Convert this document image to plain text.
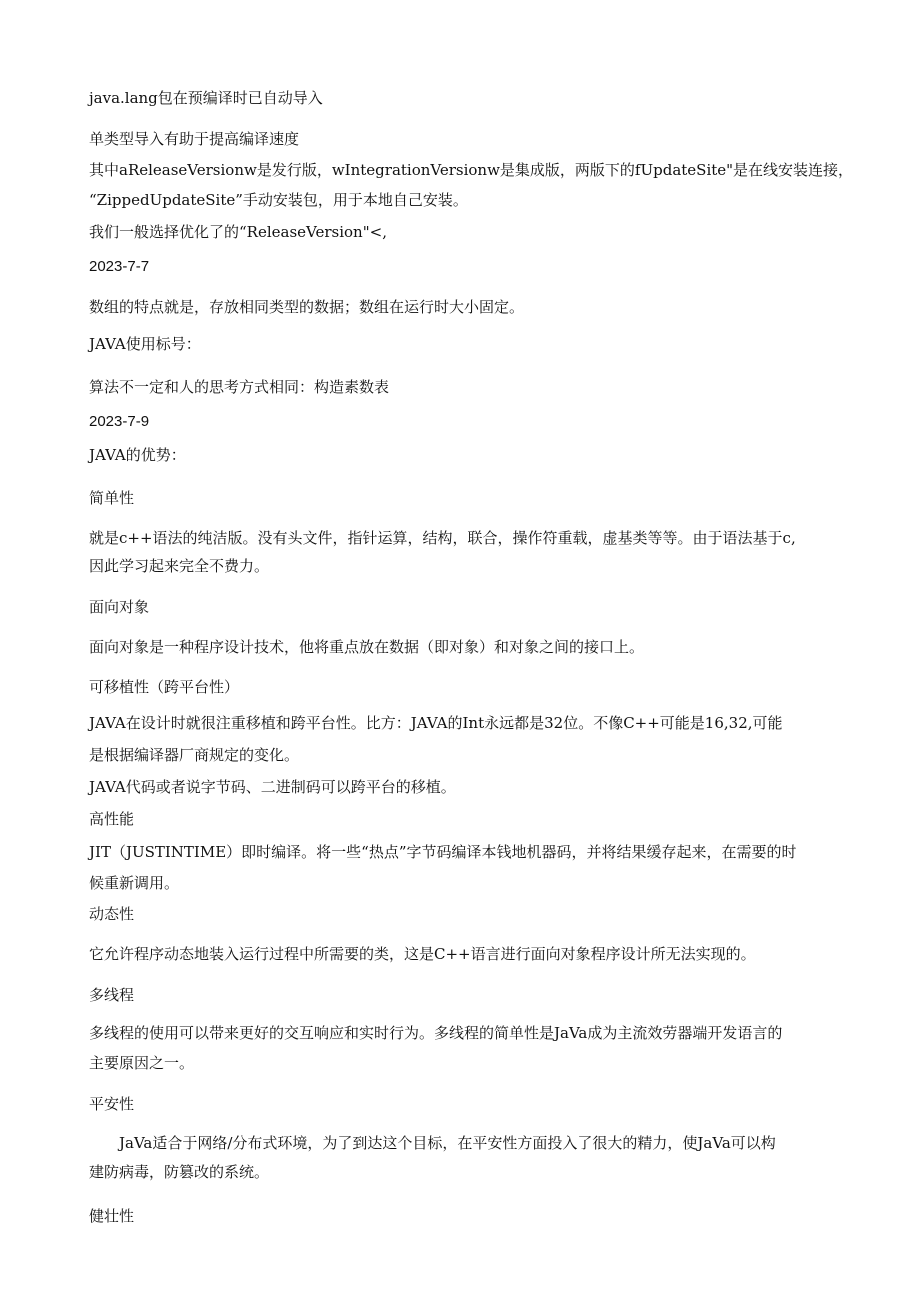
java.lang包在预编译时已自动导入
单类型导入有助于提高编译速度
其中aReleaseVersionw是发行版，wIntegrationVersionw是集成版，两版下的fUpdateSite"是在线安装连接，
“ZippedUpdateSite”手动安装包，用于本地自己安装。
我们一般选择优化了的“ReleaseVersion"<,
2023-7-7
数组的特点就是，存放相同类型的数据；数组在运行时大小固定。
JAVA使用标号：
算法不一定和人的思考方式相同：构造素数表
2023-7-9
JAVA的优势：
简单性
就是c++语法的纯洁版。没有头文件，指针运算，结构，联合，操作符重载，虚基类等等。由于语法基于c,
因此学习起来完全不费力。
面向对象
面向对象是一种程序设计技术，他将重点放在数据（即对象）和对象之间的接口上。
可移植性（跨平台性）
JAVA在设计时就很注重移植和跨平台性。比方：JAVA的Int永远都是32位。不像C++可能是16,32,可能
是根据编译器厂商规定的变化。
JAVA代码或者说字节码、二进制码可以跨平台的移植。
高性能
JIT（JUSTINTIME）即时编译。将一些“热点”字节码编译本钱地机器码，并将结果缓存起来，在需要的时
候重新调用。
动态性
它允许程序动态地装入运行过程中所需要的类，这是C++语言进行面向对象程序设计所无法实现的。
多线程
多线程的使用可以带来更好的交互响应和实时行为。多线程的简单性是JaVa成为主流效劳器端开发语言的
主要原因之一。
平安性
JaVa适合于网络/分布式环境，为了到达这个目标，在平安性方面投入了很大的精力，使JaVa可以构
建防病毒，防篡改的系统。
健壮性
